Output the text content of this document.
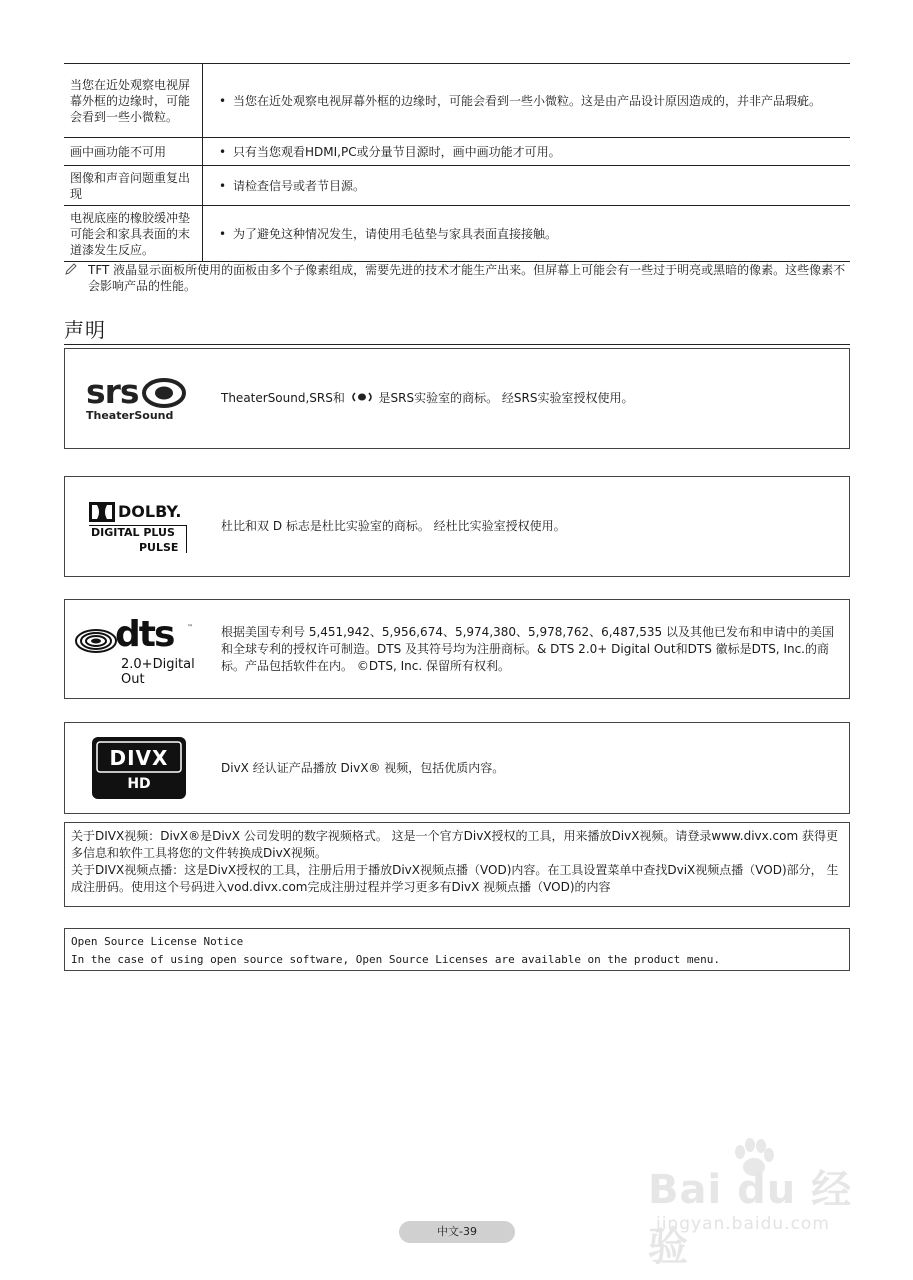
当您在近处观察电视屏幕外框的边缘时，可能会看到一些小微粒。	• 当您在近处观察电视屏幕外框的边缘时，可能会看到一些小微粒。这是由产品设计原因造成的，并非产品瑕疵。
画中画功能不可用	• 只有当您观看HDMI,PC或分量节目源时，画中画功能才可用。
图像和声音问题重复出现	• 请检查信号或者节目源。
电视底座的橡胶缓冲垫可能会和家具表面的末道漆发生反应。	• 为了避免这种情况发生，请使用毛毡垫与家具表面直接接触。
TFT 液晶显示面板所使用的面板由多个子像素组成，需要先进的技术才能生产出来。但屏幕上可能会有一些过于明亮或黑暗的像素。这些像素不会影响产品的性能。
声明
srs
TheaterSound
TheaterSound,SRS和	是SRS实验室的商标。 经SRS实验室授权使用。
DOLBY.
DIGITAL PLUS
PULSE
杜比和双 D 标志是杜比实验室的商标。 经杜比实验室授权使用。
dts ™
2.0+Digital Out
根据美国专利号 5,451,942、5,956,674、5,974,380、5,978,762、6,487,535 以及其他已发布和申请中的美国和全球专利的授权许可制造。DTS 及其符号均为注册商标。& DTS 2.0+ Digital Out和DTS 徽标是DTS, Inc.的商标。产品包括软件在内。 ©DTS, Inc. 保留所有权利。
DIVX
HD
DivX 经认证产品播放 DivX® 视频，包括优质内容。
关于DIVX视频：DivX®是DivX 公司发明的数字视频格式。 这是一个官方DivX授权的工具，用来播放DivX视频。请登录www.divx.com 获得更多信息和软件工具将您的文件转换成DivX视频。
关于DIVX视频点播：这是DivX授权的工具，注册后用于播放DivX视频点播（VOD)内容。在工具设置菜单中查找DviX视频点播（VOD)部分， 生成注册码。使用这个号码进入vod.divx.com完成注册过程并学习更多有DivX 视频点播（VOD)的内容
Open Source License Notice
In the case of using open source software, Open Source Licenses are available on the product menu.
Bai du 经验
jingyan.baidu.com
中文-39
